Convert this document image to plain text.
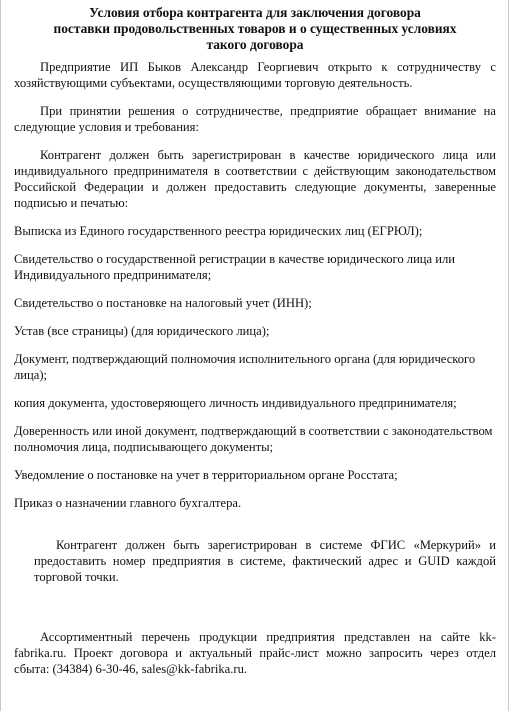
Условия отбора контрагента для заключения договора
поставки продовольственных товаров и о существенных условиях
такого договора

Предприятие ИП Быков Александр Георгиевич открыто к сотрудничеству с хозяйствующими субъектами, осуществляющими торговую деятельность.

При принятии решения о сотрудничестве, предприятие обращает внимание на следующие условия и требования:

Контрагент должен быть зарегистрирован в качестве юридического лица или индивидуального предпринимателя в соответствии с действующим законодательством Российской Федерации и должен предоставить следующие документы, заверенные подписью и печатью:

Выписка из Единого государственного реестра юридических лиц (ЕГРЮЛ);

Свидетельство о государственной регистрации в качестве юридического лица или Индивидуального предпринимателя;

Свидетельство о постановке на налоговый учет (ИНН);

Устав (все страницы) (для юридического лица);

Документ, подтверждающий полномочия исполнительного органа (для юридического лица);

копия документа, удостоверяющего личность индивидуального предпринимателя;

Доверенность или иной документ, подтверждающий в соответствии с законодательством полномочия лица, подписывающего документы;

Уведомление о постановке на учет в территориальном органе Росстата;

Приказ о назначении главного бухгалтера.

Контрагент должен быть зарегистрирован в системе ФГИС «Меркурий» и предоставить номер предприятия в системе, фактический адрес и GUID каждой торговой точки.

Ассортиментный перечень продукции предприятия представлен на сайте kk-fabrika.ru. Проект договора и актуальный прайс-лист можно запросить через отдел сбыта: (34384) 6-30-46, sales@kk-fabrika.ru.
